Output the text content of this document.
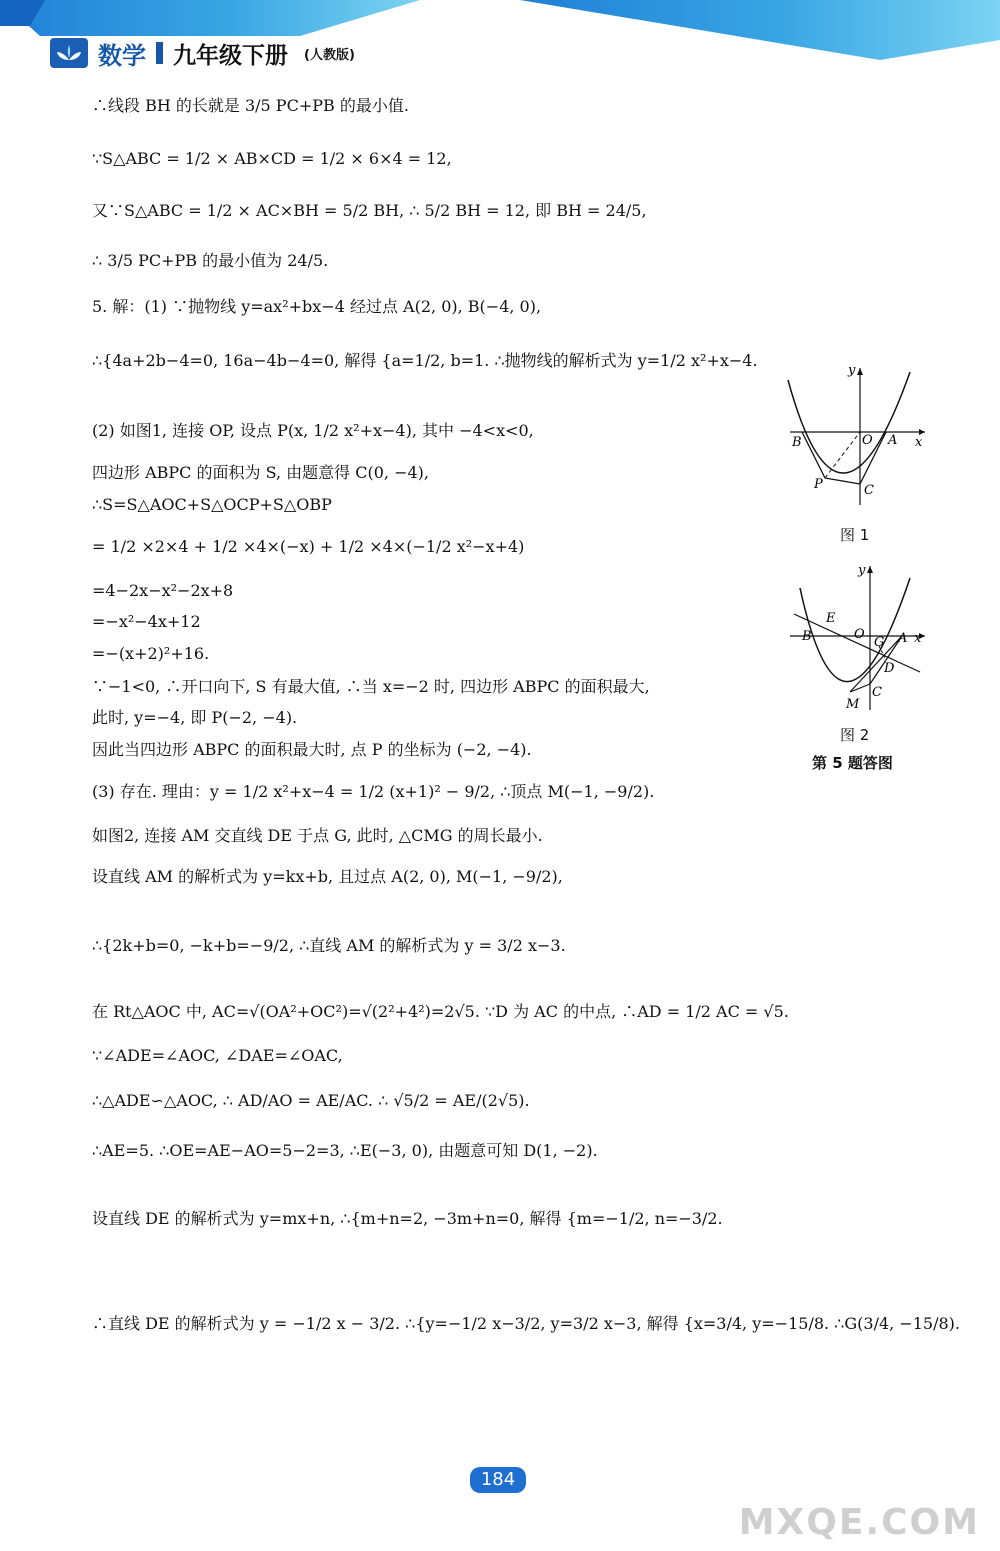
数学 九年级下册 (人教版)
∴线段 BH 的长就是 3/5 PC+PB 的最小值.
∵S△ABC = 1/2 × AB×CD = 1/2 × 6×4 = 12,
又∵S△ABC = 1/2 × AC×BH = 5/2 BH, ∴ 5/2 BH = 12, 即 BH = 24/5,
∴ 3/5 PC+PB 的最小值为 24/5.
5. 解：(1) ∵抛物线 y=ax²+bx−4 经过点 A(2, 0), B(−4, 0),
∴{4a+2b−4=0, 16a−4b−4=0, 解得 {a=1/2, b=1. ∴抛物线的解析式为 y=1/2 x²+x−4.
(2) 如图1, 连接 OP, 设点 P(x, 1/2 x²+x−4), 其中 −4<x<0,
四边形 ABPC 的面积为 S, 由题意得 C(0, −4),
∴S=S△AOC+S△OCP+S△OBP
= 1/2 ×2×4 + 1/2 ×4×(−x) + 1/2 ×4×(−1/2 x²−x+4)
=4−2x−x²−2x+8
=−x²−4x+12
=−(x+2)²+16.
∵−1<0, ∴开口向下, S 有最大值, ∴当 x=−2 时, 四边形 ABPC 的面积最大,
此时, y=−4, 即 P(−2, −4).
因此当四边形 ABPC 的面积最大时, 点 P 的坐标为 (−2, −4).
(3) 存在. 理由：y = 1/2 x²+x−4 = 1/2 (x+1)² − 9/2, ∴顶点 M(−1, −9/2).
如图2, 连接 AM 交直线 DE 于点 G, 此时, △CMG 的周长最小.
设直线 AM 的解析式为 y=kx+b, 且过点 A(2, 0), M(−1, −9/2),
∴{2k+b=0, −k+b=−9/2, ∴直线 AM 的解析式为 y = 3/2 x−3.
在 Rt△AOC 中, AC=√(OA²+OC²)=√(2²+4²)=2√5. ∵D 为 AC 的中点, ∴AD = 1/2 AC = √5.
∵∠ADE=∠AOC, ∠DAE=∠OAC,
∴△ADE∽△AOC, ∴ AD/AO = AE/AC. ∴ √5/2 = AE/(2√5).
∴AE=5. ∴OE=AE−AO=5−2=3, ∴E(−3, 0), 由题意可知 D(1, −2).
设直线 DE 的解析式为 y=mx+n, ∴{m+n=2, −3m+n=0, 解得 {m=−1/2, n=−3/2.
∴直线 DE 的解析式为 y = −1/2 x − 3/2. ∴{y=−1/2 x−3/2, y=3/2 x−3, 解得 {x=3/4, y=−15/8. ∴G(3/4, −15/8).
y
B	O A x
P	C
图 1
y
E
B	O
G A x
D
M
C
图 2
第 5 题答图
184
MXQE.COM
